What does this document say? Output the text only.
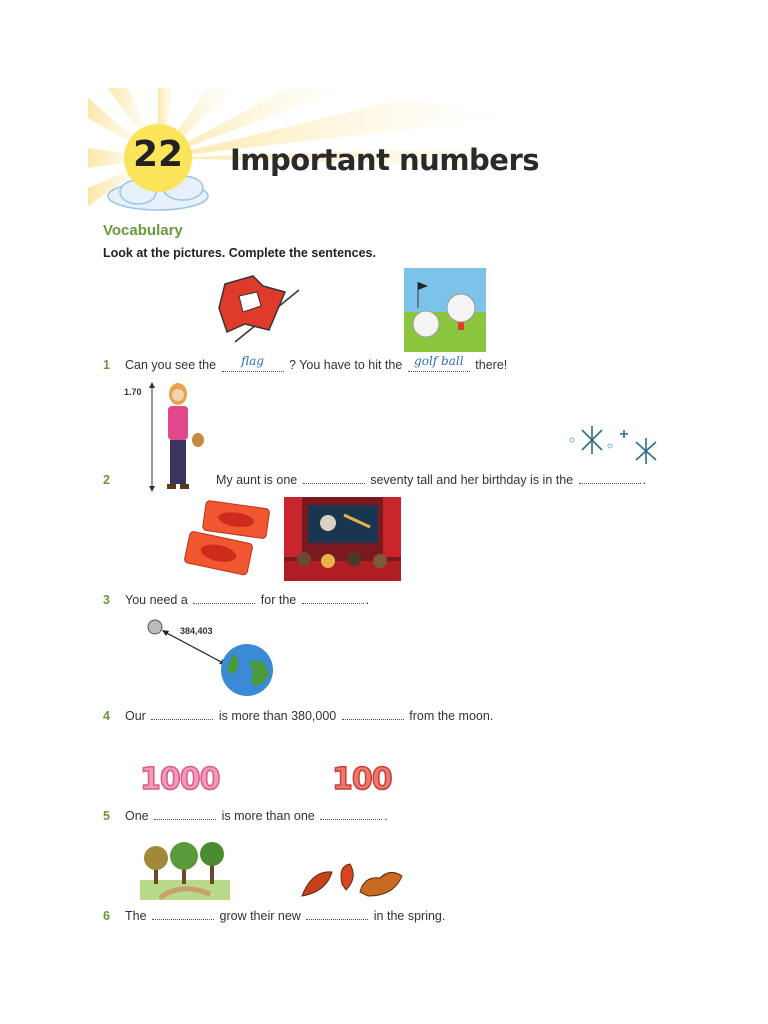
22 Important numbers
Vocabulary
Look at the pictures. Complete the sentences.
1 Can you see the flag ? You have to hit the golf ball there!
1.70
2	My aunt is one	seventy tall and her birthday is in the	.
3 You need a	for the	.
384,403
4 Our	is more than 380,000	from the moon.
1000	100
5 One	is more than one	.
6 The	grow their new	in the spring.
